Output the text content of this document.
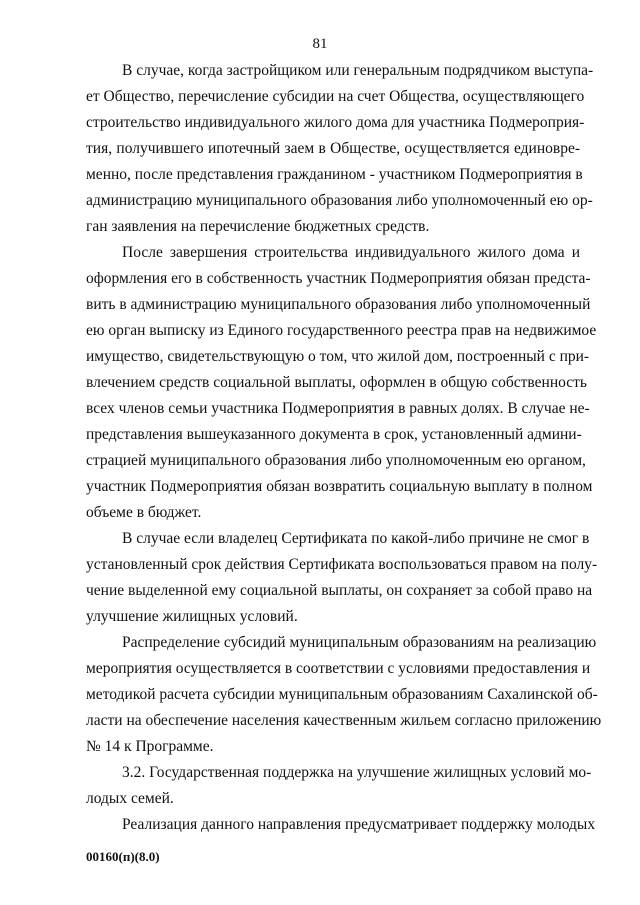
81
В случае, когда застройщиком или генеральным подрядчиком выступа-
ет Общество, перечисление субсидии на счет Общества, осуществляющего
строительство индивидуального жилого дома для участника Подмероприя-
тия, получившего ипотечный заем в Обществе, осуществляется единовре-
менно, после представления гражданином - участником Подмероприятия в
администрацию муниципального образования либо уполномоченный ею ор-
ган заявления на перечисление бюджетных средств.
После завершения строительства индивидуального жилого дома и
оформления его в собственность участник Подмероприятия обязан предста-
вить в администрацию муниципального образования либо уполномоченный
ею орган выписку из Единого государственного реестра прав на недвижимое
имущество, свидетельствующую о том, что жилой дом, построенный с при-
влечением средств социальной выплаты, оформлен в общую собственность
всех членов семьи участника Подмероприятия в равных долях. В случае не-
представления вышеуказанного документа в срок, установленный админи-
страцией муниципального образования либо уполномоченным ею органом,
участник Подмероприятия обязан возвратить социальную выплату в полном
объеме в бюджет.
В случае если владелец Сертификата по какой-либо причине не смог в
установленный срок действия Сертификата воспользоваться правом на полу-
чение выделенной ему социальной выплаты, он сохраняет за собой право на
улучшение жилищных условий.
Распределение субсидий муниципальным образованиям на реализацию
мероприятия осуществляется в соответствии с условиями предоставления и
методикой расчета субсидии муниципальным образованиям Сахалинской об-
ласти на обеспечение населения качественным жильем согласно приложению
№ 14 к Программе.
3.2. Государственная поддержка на улучшение жилищных условий мо-
лодых семей.
Реализация данного направления предусматривает поддержку молодых
00160(п)(8.0)
